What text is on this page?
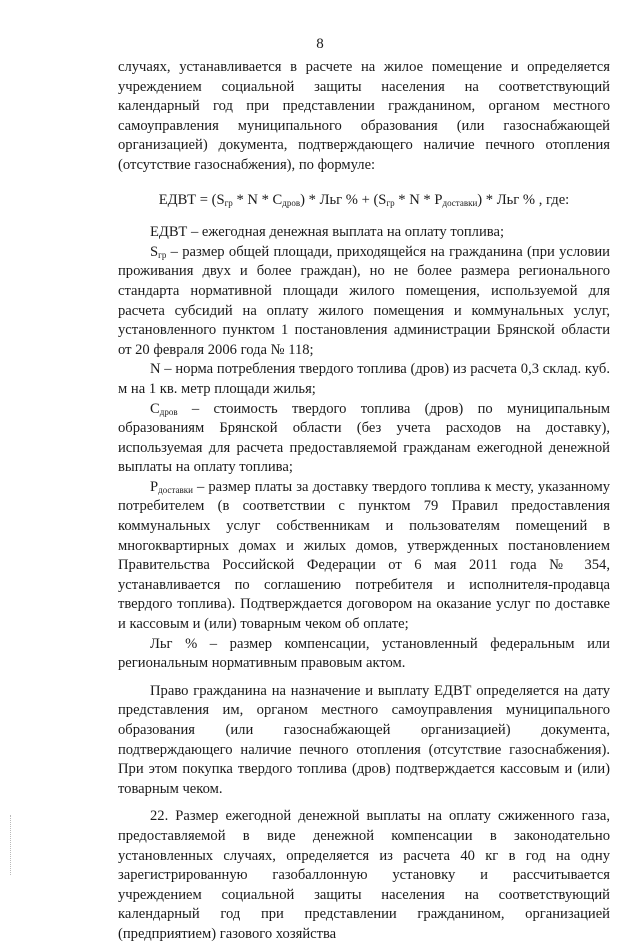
8

случаях, устанавливается в расчете на жилое помещение и определяется учреждением социальной защиты населения на соответствующий календарный год при представлении гражданином, органом местного самоуправления муниципального образования (или газоснабжающей организацией) документа, подтверждающего наличие печного отопления (отсутствие газоснабжения), по формуле:

ЕДВТ = ($S_{гр}$ * N * $C_{дров}$) * Льг % + ($S_{гр}$ * N * $P_{доставки}$) * Льг % , где:

ЕДВТ – ежегодная денежная выплата на оплату топлива;

$S_{гр}$ – размер общей площади, приходящейся на гражданина (при условии проживания двух и более граждан), но не более размера регионального стандарта нормативной площади жилого помещения, используемой для расчета субсидий на оплату жилого помещения и коммунальных услуг, установленного пунктом 1 постановления администрации Брянской области от 20 февраля 2006 года № 118;

N – норма потребления твердого топлива (дров) из расчета 0,3 склад. куб. м на 1 кв. метр площади жилья;

$C_{дров}$ – стоимость твердого топлива (дров) по муниципальным образованиям Брянской области (без учета расходов на доставку), используемая для расчета предоставляемой гражданам ежегодной денежной выплаты на оплату топлива;

$P_{доставки}$ – размер платы за доставку твердого топлива к месту, указанному потребителем (в соответствии с пунктом 79 Правил предоставления коммунальных услуг собственникам и пользователям помещений в многоквартирных домах и жилых домов, утвержденных постановлением Правительства Российской Федерации от 6 мая 2011 года № 354, устанавливается по соглашению потребителя и исполнителя-продавца твердого топлива). Подтверждается договором на оказание услуг по доставке и кассовым и (или) товарным чеком об оплате;

Льг % – размер компенсации, установленный федеральным или региональным нормативным правовым актом.

Право гражданина на назначение и выплату ЕДВТ определяется на дату представления им, органом местного самоуправления муниципального образования (или газоснабжающей организацией) документа, подтверждающего наличие печного отопления (отсутствие газоснабжения). При этом покупка твердого топлива (дров) подтверждается кассовым и (или) товарным чеком.

22. Размер ежегодной денежной выплаты на оплату сжиженного газа, предоставляемой в виде денежной компенсации в законодательно установленных случаях, определяется из расчета 40 кг в год на одну зарегистрированную газобаллонную установку и рассчитывается учреждением социальной защиты населения на соответствующий календарный год при представлении гражданином, организацией (предприятием) газового хозяйства
